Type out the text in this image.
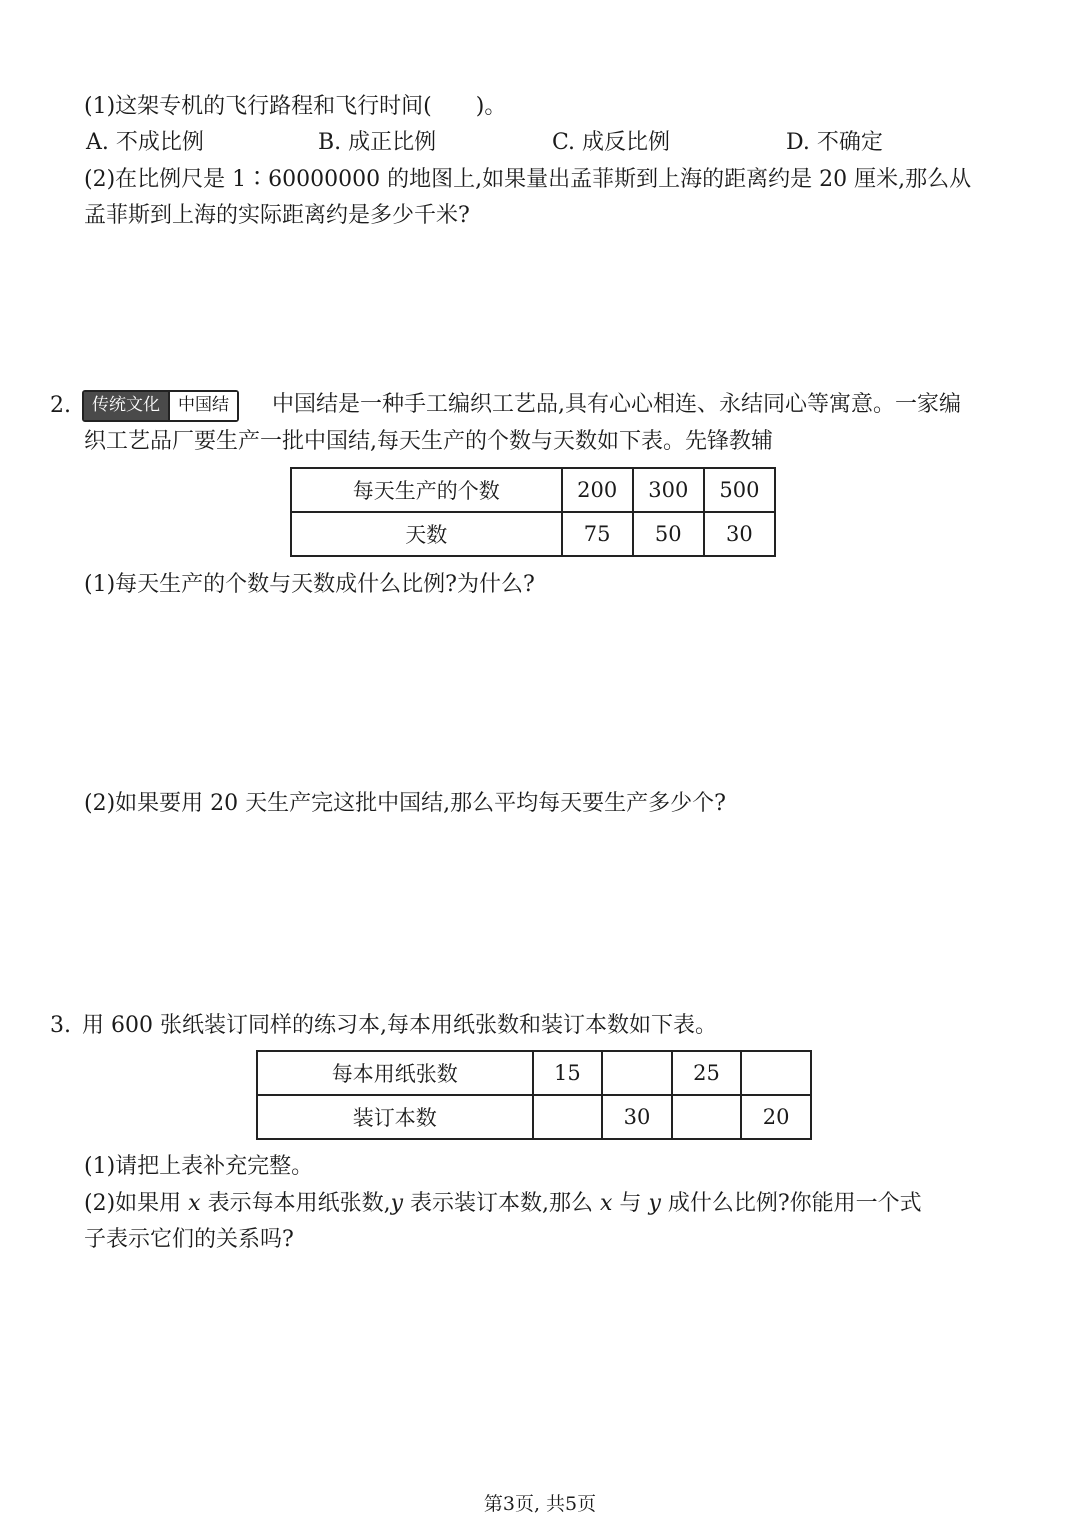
(1)这架专机的飞行路程和飞行时间(　　)。
A. 不成比例	B. 成正比例	C. 成反比例	D. 不确定
(2)在比例尺是 1∶60000000 的地图上,如果量出孟菲斯到上海的距离约是 20 厘米,那么从
孟菲斯到上海的实际距离约是多少千米?
2.	传统文化	中国结	中国结是一种手工编织工艺品,具有心心相连、永结同心等寓意。一家编
织工艺品厂要生产一批中国结,每天生产的个数与天数如下表。先锋教辅
每天生产的个数	200	300	500
天数	75	50	30
(1)每天生产的个数与天数成什么比例?为什么?
(2)如果要用 20 天生产完这批中国结,那么平均每天要生产多少个?
3. 用 600 张纸装订同样的练习本,每本用纸张数和装订本数如下表。
每本用纸张数	15		25	
装订本数		30		20
(1)请把上表补充完整。
(2)如果用 x 表示每本用纸张数,y 表示装订本数,那么 x 与 y 成什么比例?你能用一个式
子表示它们的关系吗?
第3页, 共5页
